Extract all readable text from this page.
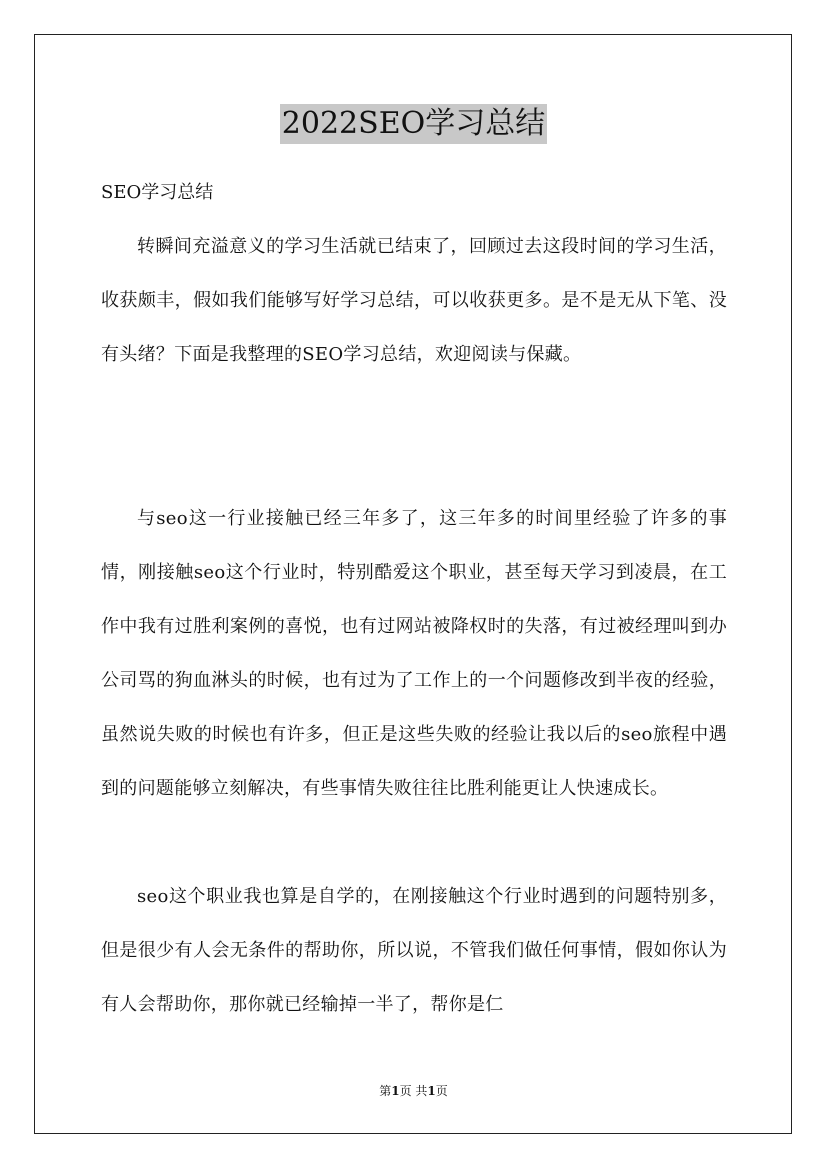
2022SEO学习总结
SEO学习总结

转瞬间充溢意义的学习生活就已结束了，回顾过去这段时间的学习生活，收获颇丰，假如我们能够写好学习总结，可以收获更多。是不是无从下笔、没有头绪？下面是我整理的SEO学习总结，欢迎阅读与保藏。

与seo这一行业接触已经三年多了，这三年多的时间里经验了许多的事情，刚接触seo这个行业时，特别酷爱这个职业，甚至每天学习到凌晨，在工作中我有过胜利案例的喜悦，也有过网站被降权时的失落，有过被经理叫到办公司骂的狗血淋头的时候，也有过为了工作上的一个问题修改到半夜的经验，虽然说失败的时候也有许多，但正是这些失败的经验让我以后的seo旅程中遇到的问题能够立刻解决，有些事情失败往往比胜利能更让人快速成长。

seo这个职业我也算是自学的，在刚接触这个行业时遇到的问题特别多，但是很少有人会无条件的帮助你，所以说，不管我们做任何事情，假如你认为有人会帮助你，那你就已经输掉一半了，帮你是仁

第1页 共1页
